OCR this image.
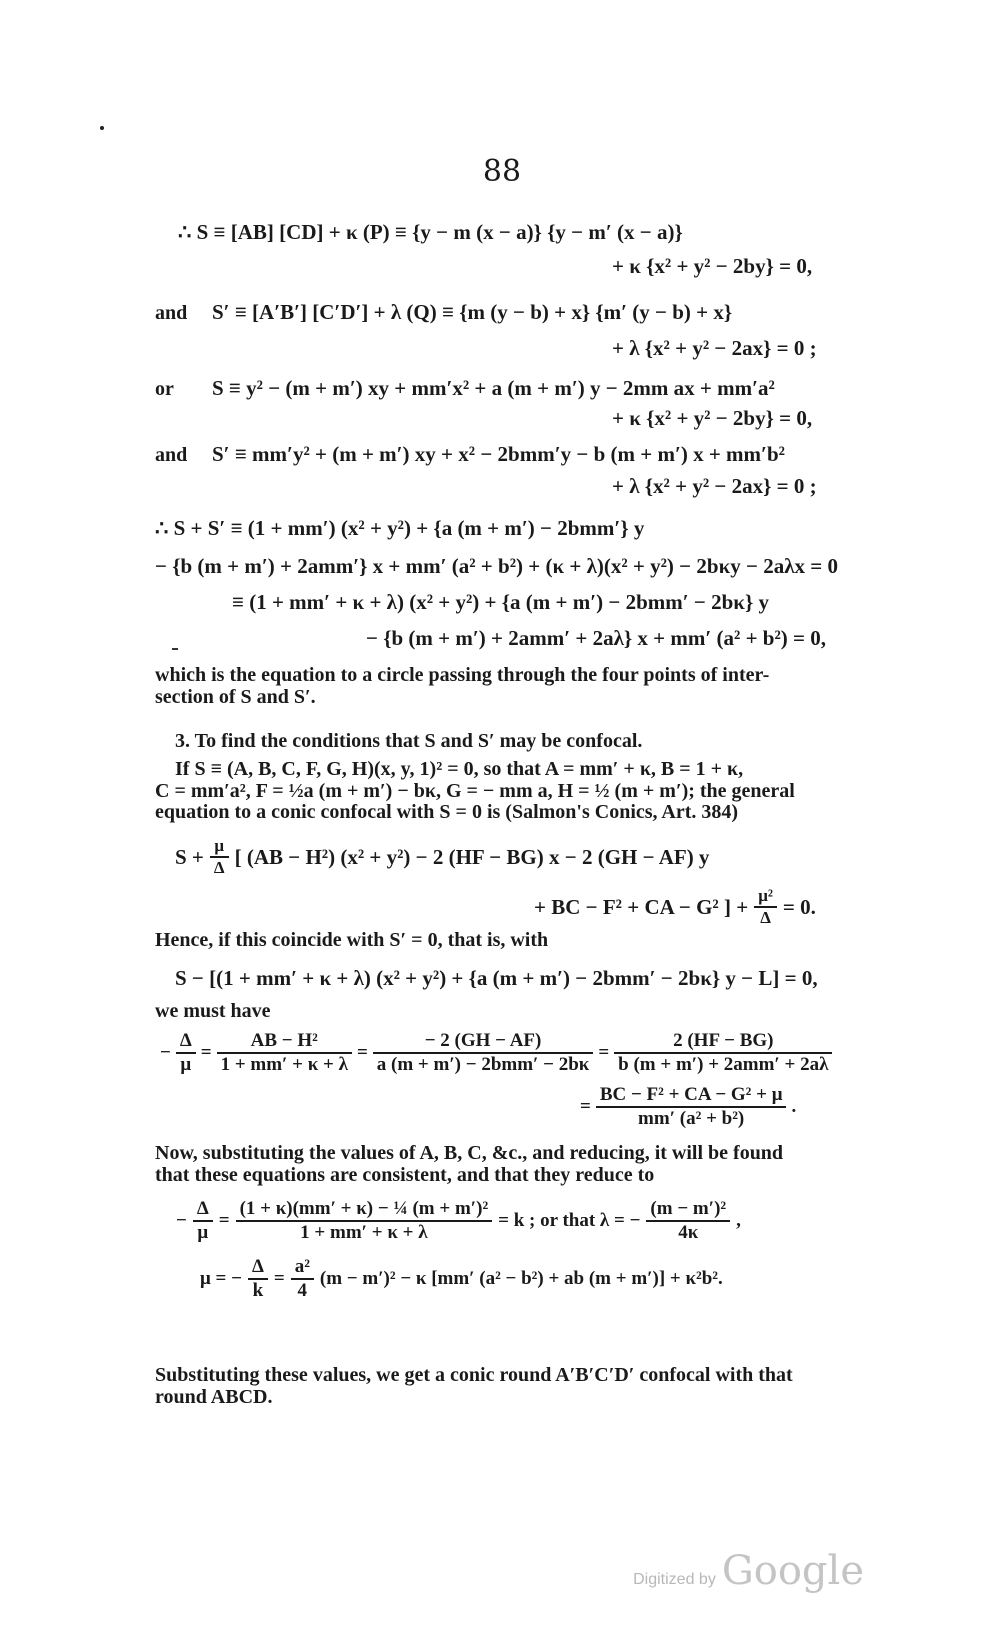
88
∴ S ≡ [AB] [CD] + κ (P) ≡ {y − m (x − a)} {y − m′ (x − a)}
+ κ {x² + y² − 2by} = 0,
and S′ ≡ [A′B′] [C′D′] + λ (Q) ≡ {m (y − b) + x} {m′ (y − b) + x}
+ λ {x² + y² − 2ax} = 0 ;
or S ≡ y² − (m + m′) xy + mm′x² + a (m + m′) y − 2mm ax + mm′a²
+ κ {x² + y² − 2by} = 0,
and S′ ≡ mm′y² + (m + m′) xy + x² − 2bmm′y − b (m + m′) x + mm′b²
+ λ {x² + y² − 2ax} = 0 ;
∴ S + S′ ≡ (1 + mm′) (x² + y²) + {a (m + m′) − 2bmm′} y
− {b (m + m′) + 2amm′} x + mm′ (a² + b²) + (κ + λ)(x² + y²) − 2bκy − 2aλx = 0
≡ (1 + mm′ + κ + λ) (x² + y²) + {a (m + m′) − 2bmm′ − 2bκ} y
− {b (m + m′) + 2amm′ + 2aλ} x + mm′ (a² + b²) = 0,
which is the equation to a circle passing through the four points of inter-
section of S and S′.
3. To find the conditions that S and S′ may be confocal.
If S ≡ (A, B, C, F, G, H)(x, y, 1)² = 0, so that A = mm′ + κ, B = 1 + κ,
C = mm′a², F = ½a (m + m′) − bκ, G = − mm a, H = ½ (m + m′); the general
equation to a conic confocal with S = 0 is (Salmon's Conics, Art. 384)
$S + \frac{\mu}{\Delta}$ [ (AB − H²) (x² + y²) − 2 (HF − BG) x − 2 (GH − AF) y
+ BC − F² + CA − G² ] + $\frac{\text{μ²}}{\Delta} = 0$.
Hence, if this coincide with S′ = 0, that is, with
S − [(1 + mm′ + κ + λ) (x² + y²) + {a (m + m′) − 2bmm′ − 2bκ} y − L] = 0,
we must have
− $\frac{\Delta}{\mu} = \frac{\text{AB − H²}}{1 + mm' + \kappa + \lambda} = \frac{- 2 (GH - AF)}{\text{a (m + m′) − 2bmm′ − 2bκ}} = \frac{2 (HF - BG)}{\text{b (m + m′) + 2amm′ + 2aλ}}$
= $\frac{\text{BC − F² + CA − G² + μ}}{\text{mm′ (a² + b²)}}$ .
Now, substituting the values of A, B, C, &c., and reducing, it will be found
that these equations are consistent, and that they reduce to
− $\frac{\Delta}{\mu} = \frac{\text{(1 + κ)(mm′ + κ) − ¼ (m + m′)²}}{1 + mm' + \kappa + \lambda} = k$ ; or that λ = − $\frac{\text{(m − m′)²}}{4\kappa}$ ,
μ = − $\frac{\Delta}{k} = \frac{\text{a²}}{4} (m - m')^2 - \kappa$ [mm′ (a² − b²) + ab (m + m′)] + κ²b².
Substituting these values, we get a conic round A′B′C′D′ confocal with that
round ABCD.
Digitized by Google
